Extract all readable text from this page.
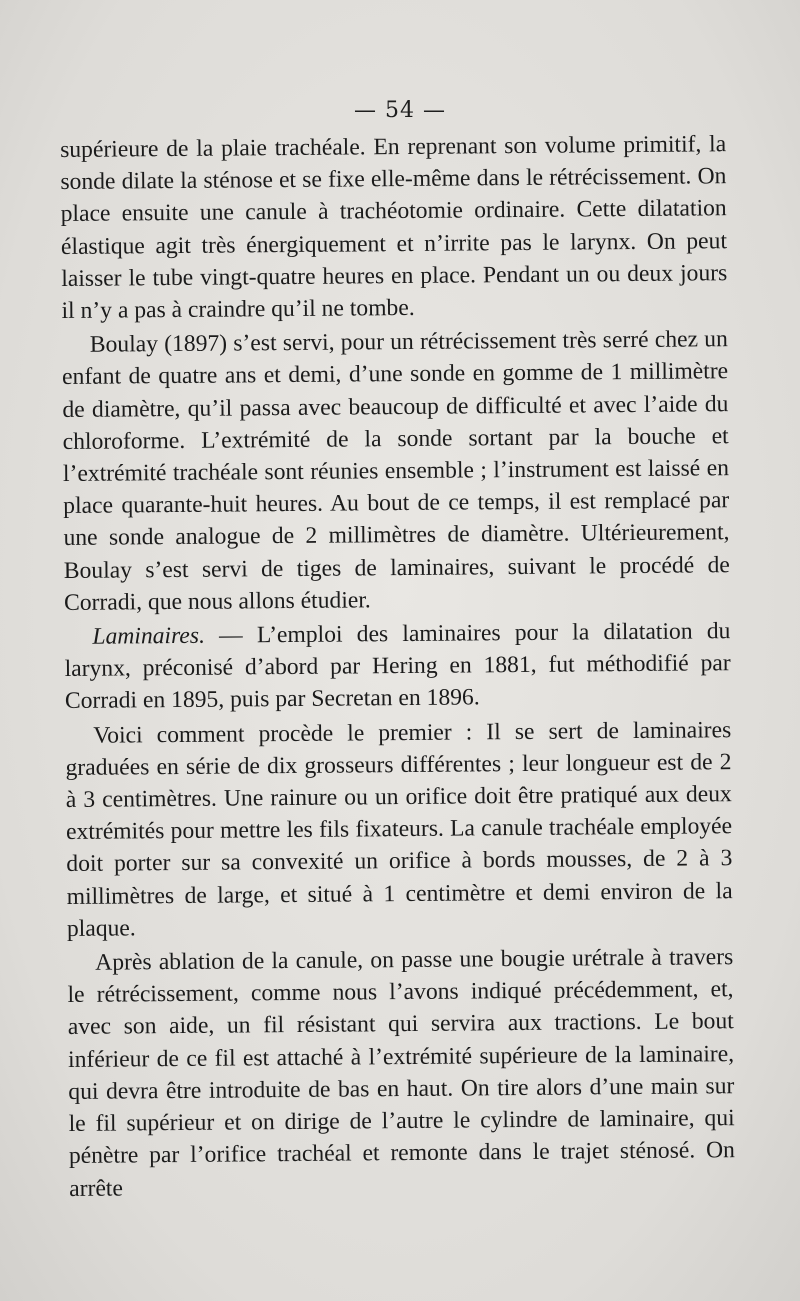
— 54 —

supérieure de la plaie trachéale. En reprenant son volume primitif, la sonde dilate la sténose et se fixe elle-même dans le rétrécissement. On place ensuite une canule à trachéotomie ordinaire. Cette dilatation élastique agit très énergiquement et n’irrite pas le larynx. On peut laisser le tube vingt-quatre heures en place. Pendant un ou deux jours il n’y a pas à craindre qu’il ne tombe.

Boulay (1897) s’est servi, pour un rétrécissement très serré chez un enfant de quatre ans et demi, d’une sonde en gomme de 1 millimètre de diamètre, qu’il passa avec beaucoup de difficulté et avec l’aide du chloroforme. L’extrémité de la sonde sortant par la bouche et l’extrémité trachéale sont réunies ensemble ; l’instrument est laissé en place quarante-huit heures. Au bout de ce temps, il est remplacé par une sonde analogue de 2 millimètres de diamètre. Ultérieurement, Boulay s’est servi de tiges de laminaires, suivant le procédé de Corradi, que nous allons étudier.

Laminaires. — L’emploi des laminaires pour la dilatation du larynx, préconisé d’abord par Hering en 1881, fut méthodifié par Corradi en 1895, puis par Secretan en 1896.

Voici comment procède le premier : Il se sert de laminaires graduées en série de dix grosseurs différentes ; leur longueur est de 2 à 3 centimètres. Une rainure ou un orifice doit être pratiqué aux deux extrémités pour mettre les fils fixateurs. La canule trachéale employée doit porter sur sa convexité un orifice à bords mousses, de 2 à 3 millimètres de large, et situé à 1 centimètre et demi environ de la plaque.

Après ablation de la canule, on passe une bougie urétrale à travers le rétrécissement, comme nous l’avons indiqué précédemment, et, avec son aide, un fil résistant qui servira aux tractions. Le bout inférieur de ce fil est attaché à l’extrémité supérieure de la laminaire, qui devra être introduite de bas en haut. On tire alors d’une main sur le fil supérieur et on dirige de l’autre le cylindre de laminaire, qui pénètre par l’orifice trachéal et remonte dans le trajet sténosé. On arrête
